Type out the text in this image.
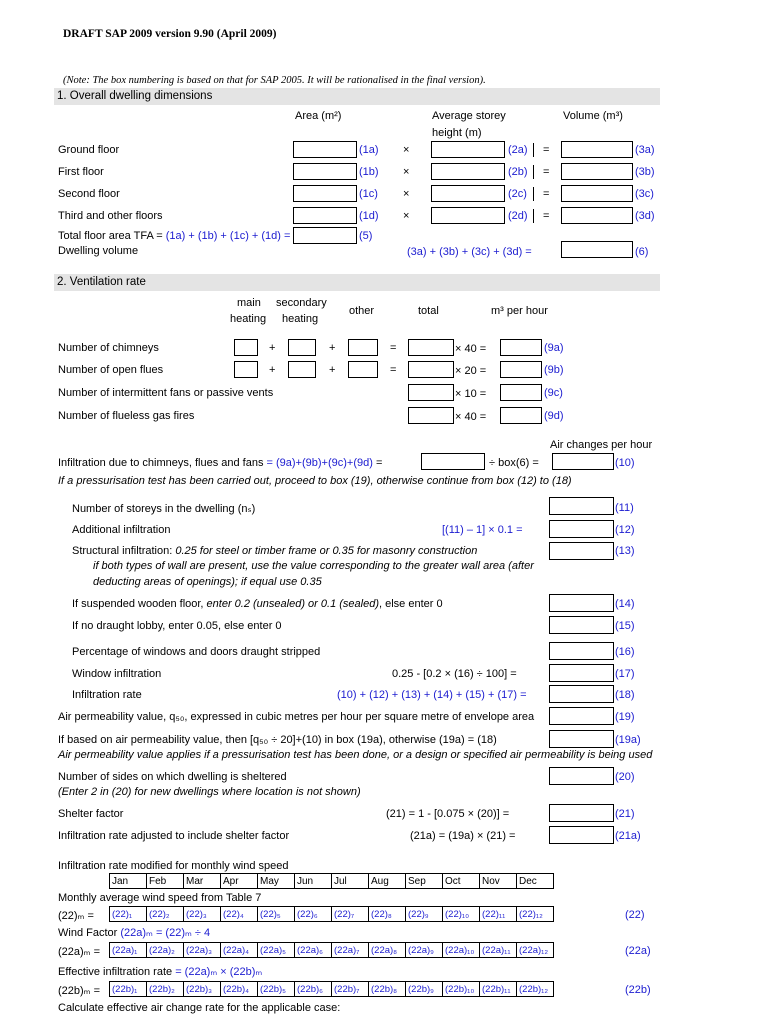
DRAFT SAP 2009 version 9.90 (April 2009)
(Note: The box numbering is based on that for SAP 2005. It will be rationalised in the final version).
1. Overall dwelling dimensions
Area (m²)	Average storey
height (m)
Volume (m³)
Ground floor	(1a) ×	(2a) =	(3a)
First floor	(1b) ×	(2b) =	(3b)
Second floor	(1c) ×	(2c) =	(3c)
Third and other floors	(1d) ×	(2d) =	(3d)
Total floor area TFA = (1a) + (1b) + (1c) + (1d) =	(5)
Dwelling volume	(3a) + (3b) + (3c) + (3d) =	(6)
2. Ventilation rate
main
heating
secondary
heating
other	total	m³ per hour
Number of chimneys	+	+	=	× 40 =	(9a)
Number of open flues	+	+	=	× 20 =	(9b)
Number of intermittent fans or passive vents	× 10 =	(9c)
Number of flueless gas fires	× 40 =	(9d)
Air changes per hour
Infiltration due to chimneys, flues and fans = (9a)+(9b)+(9c)+(9d) =	÷ box(6) =	(10)
If a pressurisation test has been carried out, proceed to box (19), otherwise continue from box (12) to (18)
Number of storeys in the dwelling (nₛ)	(11)
Additional infiltration	[(11) – 1] × 0.1 =	(12)
Structural infiltration: 0.25 for steel or timber frame or 0.35 for masonry construction	(13)
if both types of wall are present, use the value corresponding to the greater wall area (after
deducting areas of openings); if equal use 0.35
If suspended wooden floor, enter 0.2 (unsealed) or 0.1 (sealed), else enter 0	(14)
If no draught lobby, enter 0.05, else enter 0	(15)
Percentage of windows and doors draught stripped	(16)
Window infiltration	0.25 - [0.2 × (16) ÷ 100] =	(17)
Infiltration rate	(10) + (12) + (13) + (14) + (15) + (17) =	(18)
Air permeability value, q₅₀, expressed in cubic metres per hour per square metre of envelope area	(19)
If based on air permeability value, then [q₅₀ ÷ 20]+(10) in box (19a), otherwise (19a) = (18)	(19a)
Air permeability value applies if a pressurisation test has been done, or a design or specified air permeability is being used
Number of sides on which dwelling is sheltered	(20)
(Enter 2 in (20) for new dwellings where location is not shown)
Shelter factor	(21) = 1 - [0.075 × (20)] =	(21)
Infiltration rate adjusted to include shelter factor	(21a) = (19a) × (21) =	(21a)
Infiltration rate modified for monthly wind speed
Jan	Feb	Mar	Apr	May	Jun	Jul	Aug	Sep	Oct	Nov	Dec
Monthly average wind speed from Table 7
(22)ₘ = (22)₁	(22)₂	(22)₃	(22)₄	(22)₅	(22)₆	(22)₇	(22)₈	(22)₉	(22)₁₀	(22)₁₁	(22)₁₂	(22)
Wind Factor (22a)ₘ = (22)ₘ ÷ 4
(22a)ₘ = (22a)₁	(22a)₂	(22a)₃	(22a)₄	(22a)₅	(22a)₆	(22a)₇	(22a)₈	(22a)₉	(22a)₁₀	(22a)₁₁	(22a)₁₂	(22a)
Effective infiltration rate = (22a)ₘ × (22b)ₘ
(22b)ₘ = (22b)₁	(22b)₂	(22b)₃	(22b)₄	(22b)₅	(22b)₆	(22b)₇	(22b)₈	(22b)₉	(22b)₁₀	(22b)₁₁	(22b)₁₂	(22b)
Calculate effective air change rate for the applicable case:
